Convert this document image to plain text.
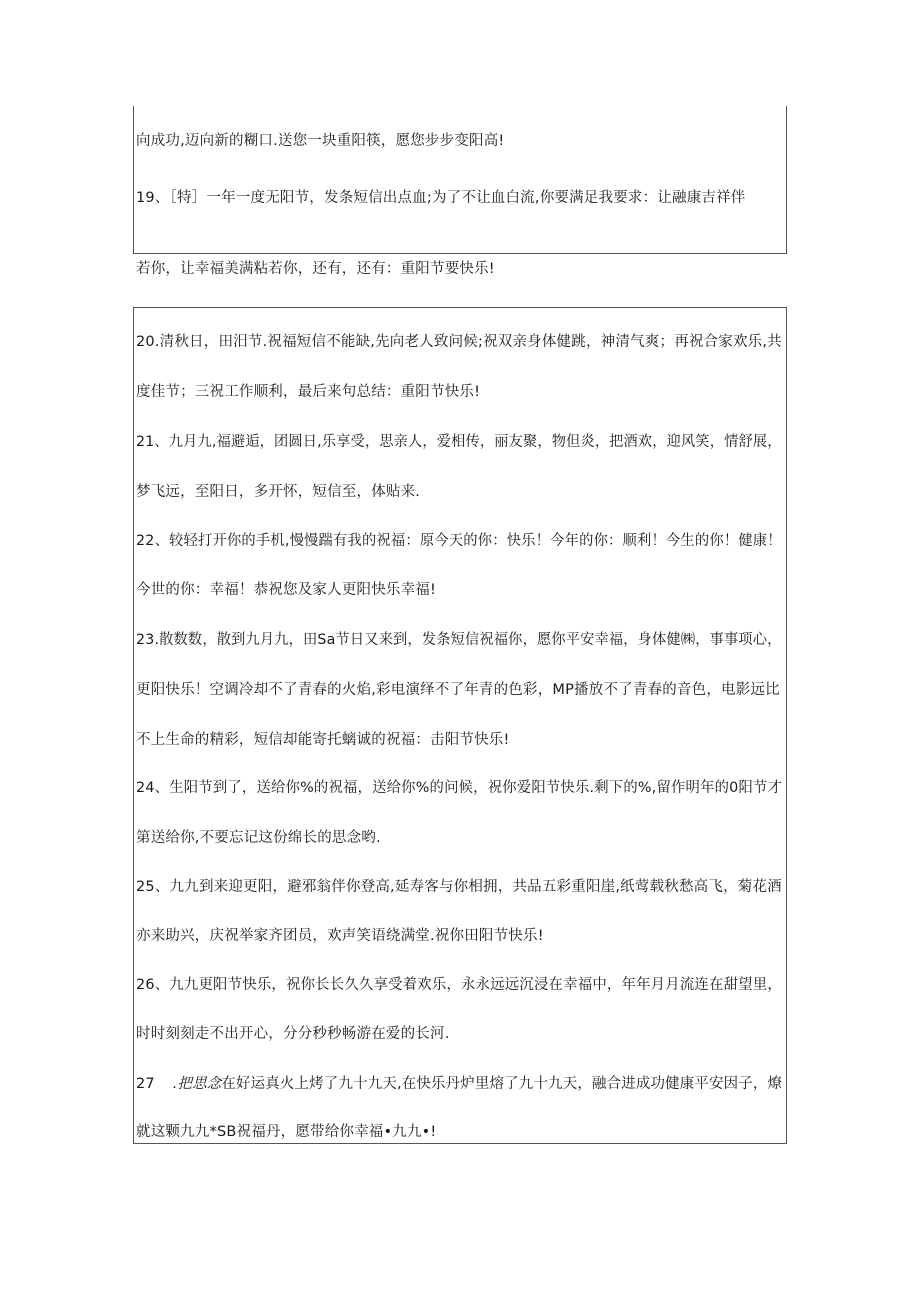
向成功,迈向新的糊口.送您一块重阳筷，愿您步步变阳高!
19、［特］一年一度无阳节，发条短信出点血;为了不让血白流,你要满足我要求：让融康吉祥伴
若你，让幸福美满粘若你，还有，还有：重阳节要快乐!
20.清秋日，田汨节.祝福短信不能缺,先向老人致问候;祝双亲身体健跳，神清气爽；再祝合家欢乐,共
度佳节；三祝工作顺利，最后来句总结：重阳节快乐!
21、九月九,福避逅，团圆日,乐享受，思亲人，爱相传，丽友聚，物但炎，把酒欢，迎风笑，情舒展，
梦飞远，至阳日，多开怀，短信至，体贴来.
22、较轻打开你的手机,慢慢踹有我的祝福：原今天的你：快乐！今年的你：顺利！今生的你！健康！
今世的你：幸福！恭祝您及家人更阳快乐幸福!
23.散数数，散到九月九，田Sa节日又来到，发条短信祝福你，愿你平安幸福，身体健㈱，事事项心，
更阳快乐！空调冷却不了青春的火焰,彩电演绎不了年青的色彩，MP播放不了青春的音色，电影远比
不上生命的精彩，短信却能寄托螭诚的祝福：击阳节快乐!
24、生阳节到了，送给你%的祝福，送给你%的问候，祝你爱阳节快乐.剩下的%,留作明年的0阳节才
第送给你,不要忘记这份绵长的思念哟.
25、九九到来迎更阳，避邪翁伴你登高,延寿客与你相拥，共品五彩重阳崖,纸莺载秋愁高飞，菊花酒
亦来助兴，庆祝举家齐团员，欢声笑语绕满堂.祝你田阳节快乐!
26、九九更阳节快乐，祝你长长久久享受着欢乐，永永远远沉浸在幸福中，年年月月流连在甜望里，
时时刻刻走不出开心，分分秒秒畅游在爱的长河.
27 .把思念在好运真火上烤了九十九天,在快乐丹炉里熔了九十九天，融合进成功健康平安因子，燎
就这颗九九*SB祝福丹，愿带给你幸福•九九•!
